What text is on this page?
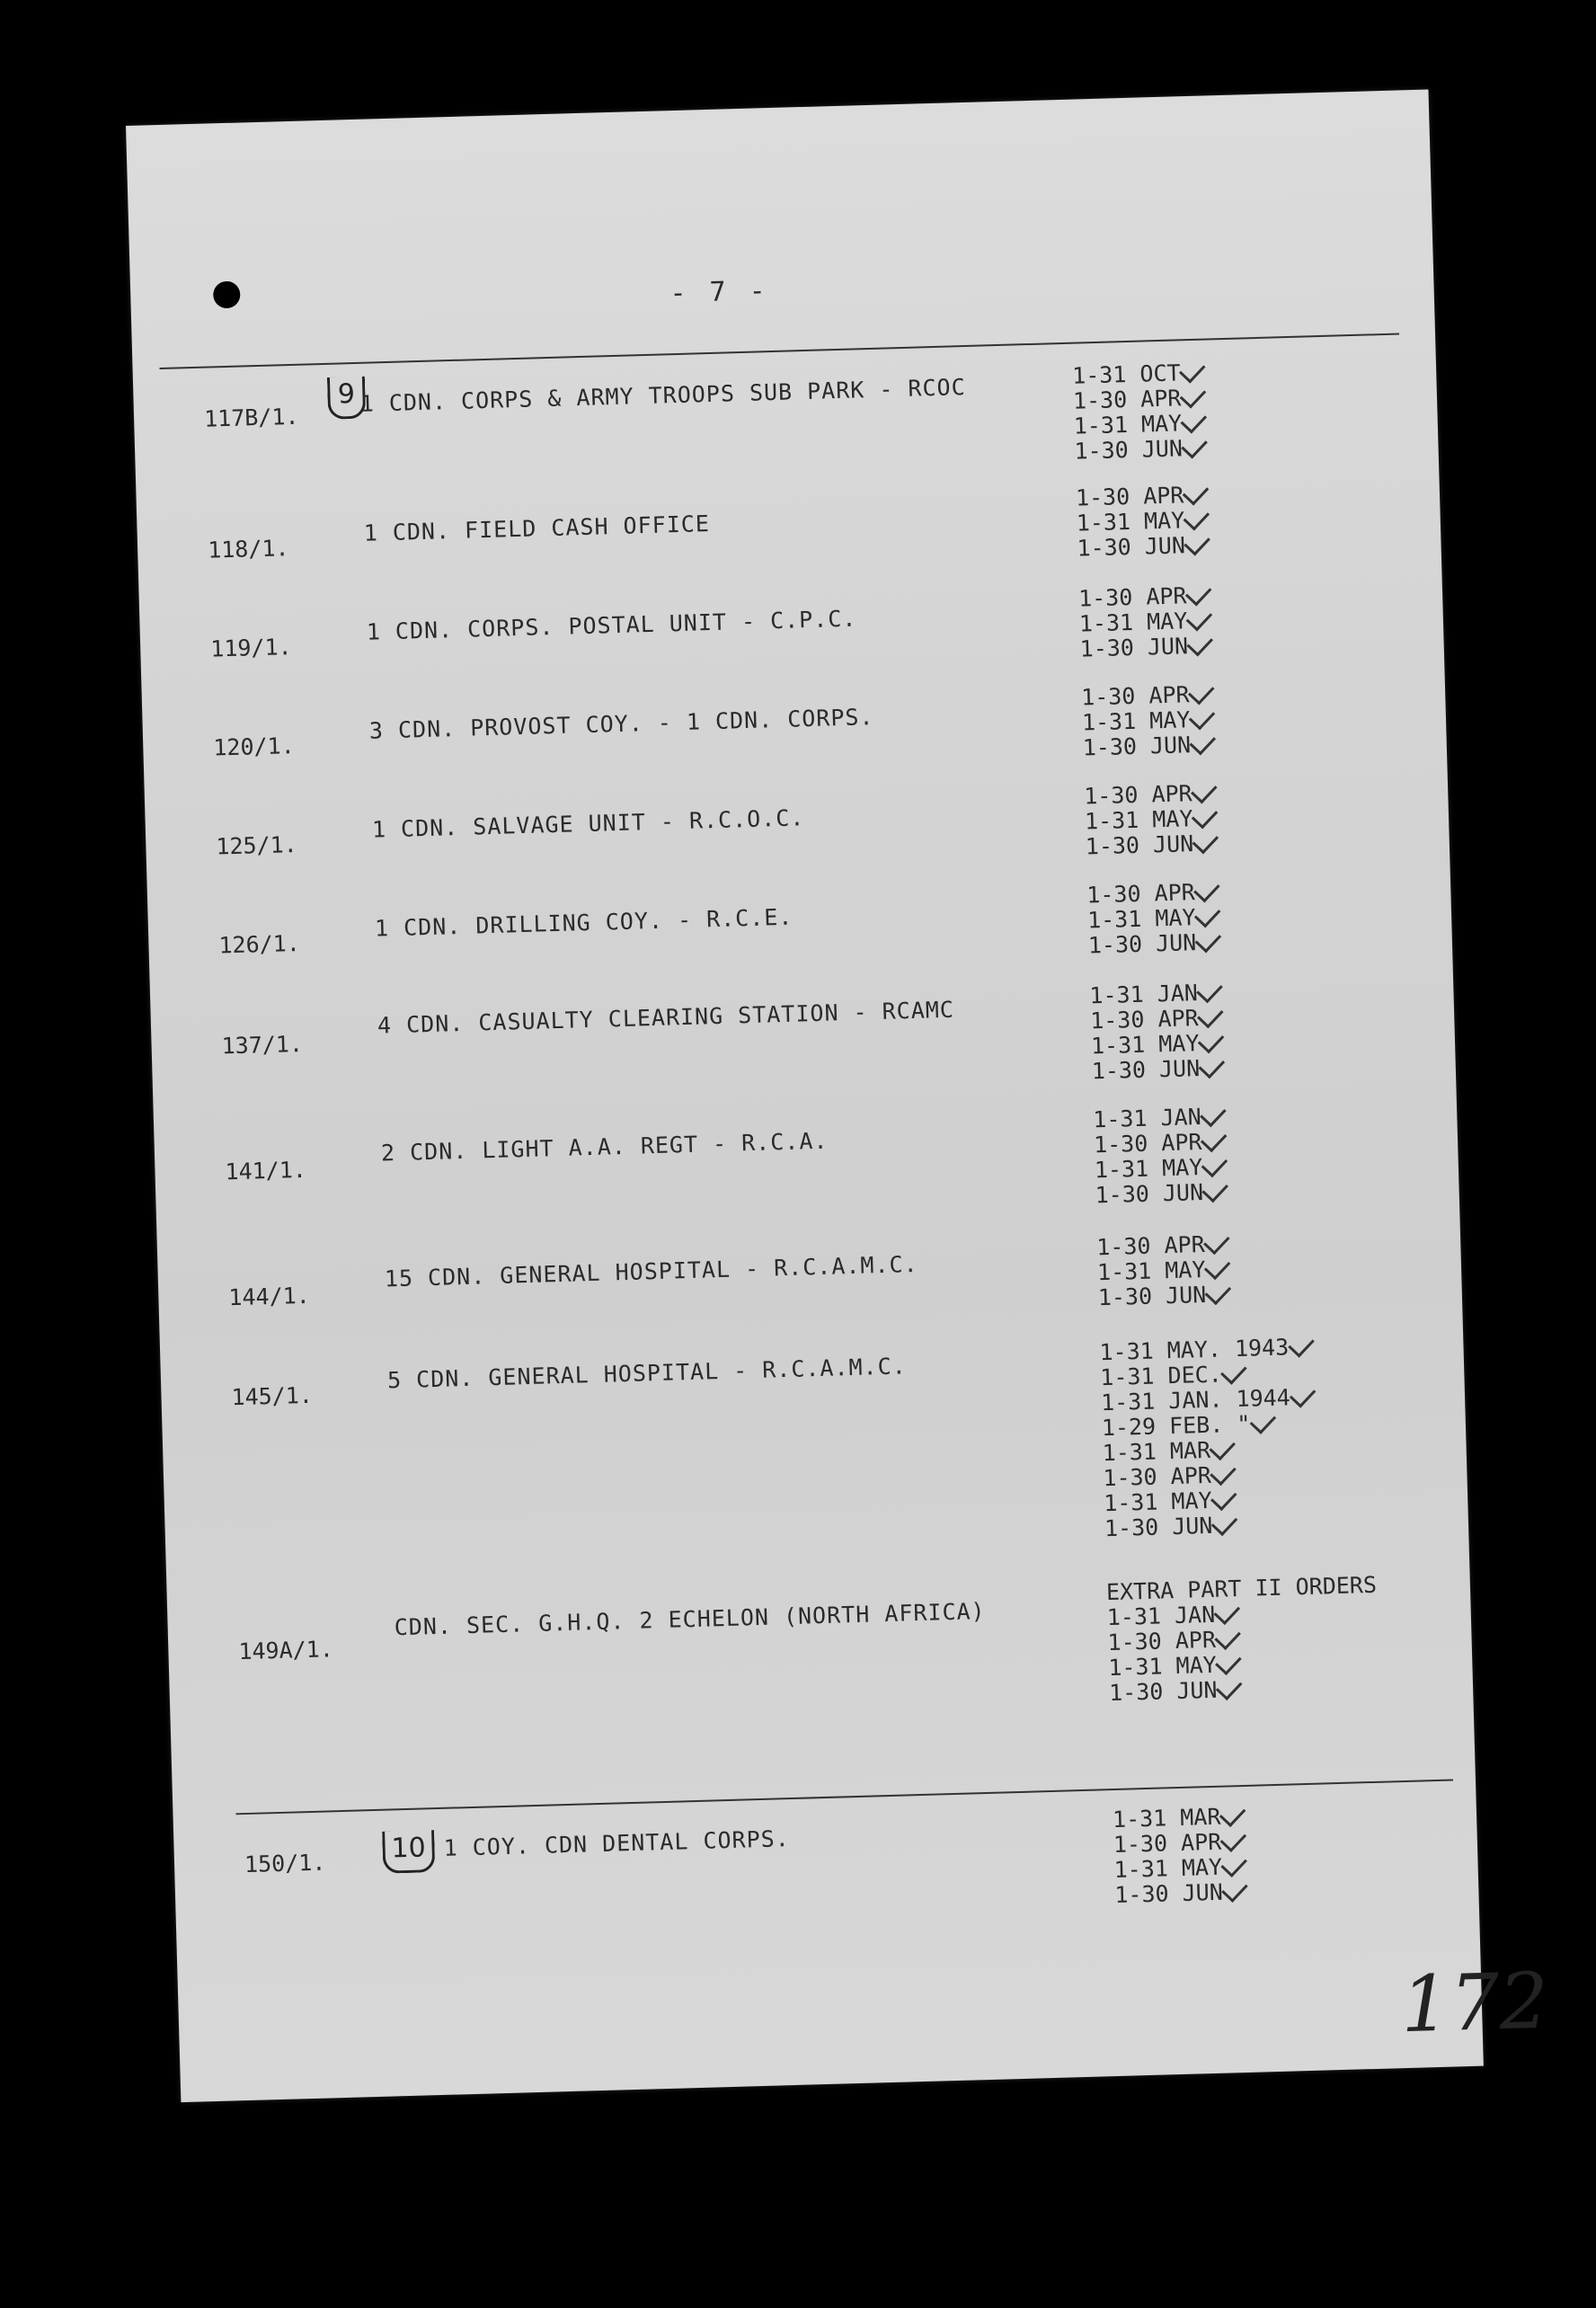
- 7 -
117B/1.
9 1 CDN. CORPS & ARMY TROOPS SUB PARK - RCOC	1-31 OCT
1-30 APR
1-31 MAY
1-30 JUN
118/1.
1 CDN. FIELD CASH OFFICE
1-30 APR
1-31 MAY
1-30 JUN
119/1.
1 CDN. CORPS. POSTAL UNIT - C.P.C.
1-30 APR
1-31 MAY
1-30 JUN
120/1.
3 CDN. PROVOST COY. - 1 CDN. CORPS.
1-30 APR
1-31 MAY
1-30 JUN
125/1.
1 CDN. SALVAGE UNIT - R.C.O.C.
1-30 APR
1-31 MAY
1-30 JUN
126/1.
1 CDN. DRILLING COY. - R.C.E.
1-30 APR
1-31 MAY
1-30 JUN
137/1.
4 CDN. CASUALTY CLEARING STATION - RCAMC
1-31 JAN
1-30 APR
1-31 MAY
1-30 JUN
141/1.
2 CDN. LIGHT A.A. REGT - R.C.A.
1-31 JAN
1-30 APR
1-31 MAY
1-30 JUN
144/1.
15 CDN. GENERAL HOSPITAL - R.C.A.M.C.
1-30 APR
1-31 MAY
1-30 JUN
145/1.
5 CDN. GENERAL HOSPITAL - R.C.A.M.C.
1-31 MAY. 1943
1-31 DEC.
1-31 JAN. 1944
1-29 FEB. "
1-31 MAR
1-30 APR
1-31 MAY
1-30 JUN
149A/1.
CDN. SEC. G.H.Q. 2 ECHELON (NORTH AFRICA)
EXTRA PART II ORDERS
1-31 JAN
1-30 APR
1-31 MAY
1-30 JUN
150/1.	10 1 COY. CDN DENTAL CORPS.
1-31 MAR
1-30 APR
1-31 MAY
1-30 JUN
172
